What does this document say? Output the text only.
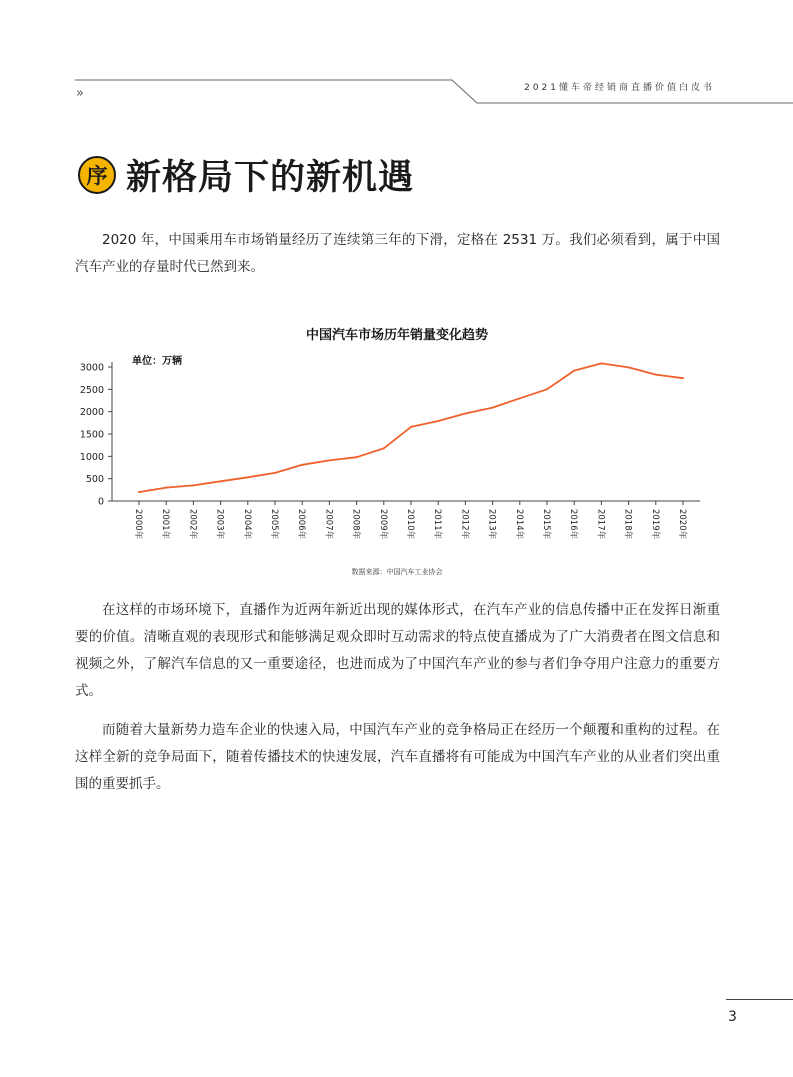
»	2021懂车帝经销商直播价值白皮书
序 新格局下的新机遇

2020 年，中国乘用车市场销量经历了连续第三年的下滑，定格在 2531 万。我们必须看到，属于中国汽车产业的存量时代已然到来。

中国汽车市场历年销量变化趋势
单位：万辆
0
500
1000
1500
2000
2500
3000
2000年 2001年 2002年 2003年 2004年 2005年 2006年 2007年 2008年 2009年 2010年 2011年 2012年 2013年 2014年 2015年 2016年 2017年 2018年 2019年 2020年
数据来源：中国汽车工业协会

在这样的市场环境下，直播作为近两年新近出现的媒体形式，在汽车产业的信息传播中正在发挥日渐重要的价值。清晰直观的表现形式和能够满足观众即时互动需求的特点使直播成为了广大消费者在图文信息和视频之外，了解汽车信息的又一重要途径，也进而成为了中国汽车产业的参与者们争夺用户注意力的重要方式。

而随着大量新势力造车企业的快速入局，中国汽车产业的竞争格局正在经历一个颠覆和重构的过程。在这样全新的竞争局面下，随着传播技术的快速发展，汽车直播将有可能成为中国汽车产业的从业者们突出重围的重要抓手。

3
